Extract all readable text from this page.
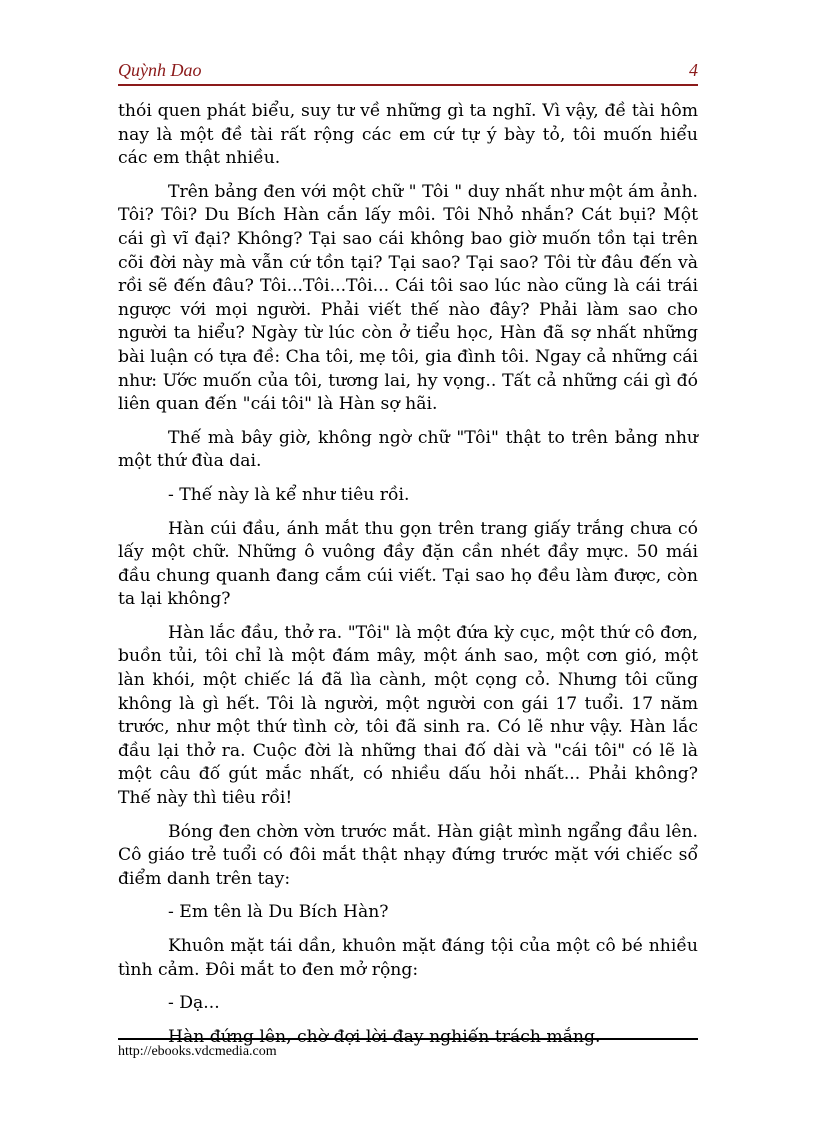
Quỳnh Dao	4

thói quen phát biểu, suy tư về những gì ta nghĩ. Vì vậy, đề tài hôm nay là một đề tài rất rộng các em cứ tự ý bày tỏ, tôi muốn hiểu các em thật nhiều.

Trên bảng đen với một chữ " Tôi " duy nhất như một ám ảnh. Tôi? Tôi? Du Bích Hàn cắn lấy môi. Tôi Nhỏ nhắn? Cát bụi? Một cái gì vĩ đại? Không? Tại sao cái không bao giờ muốn tồn tại trên cõi đời này mà vẫn cứ tồn tại? Tại sao? Tại sao? Tôi từ đâu đến và rồi sẽ đến đâu? Tôi...Tôi...Tôi... Cái tôi sao lúc nào cũng là cái trái ngược với mọi người. Phải viết thế nào đây? Phải làm sao cho người ta hiểu? Ngày từ lúc còn ở tiểu học, Hàn đã sợ nhất những bài luận có tựa đề: Cha tôi, mẹ tôi, gia đình tôi. Ngay cả những cái như: Ước muốn của tôi, tương lai, hy vọng.. Tất cả những cái gì đó liên quan đến "cái tôi" là Hàn sợ hãi.

Thế mà bây giờ, không ngờ chữ "Tôi" thật to trên bảng như một thứ đùa dai.

- Thế này là kể như tiêu rồi.

Hàn cúi đầu, ánh mắt thu gọn trên trang giấy trắng chưa có lấy một chữ. Những ô vuông đầy đặn cần nhét đầy mực. 50 mái đầu chung quanh đang cắm cúi viết. Tại sao họ đều làm được, còn ta lại không?

Hàn lắc đầu, thở ra. "Tôi" là một đứa kỳ cục, một thứ cô đơn, buồn tủi, tôi chỉ là một đám mây, một ánh sao, một cơn gió, một làn khói, một chiếc lá đã lìa cành, một cọng cỏ. Nhưng tôi cũng không là gì hết. Tôi là người, một người con gái 17 tuổi. 17 năm trước, như một thứ tình cờ, tôi đã sinh ra. Có lẽ như vậy. Hàn lắc đầu lại thở ra. Cuộc đời là những thai đố dài và "cái tôi" có lẽ là một câu đố gút mắc nhất, có nhiều dấu hỏi nhất... Phải không? Thế này thì tiêu rồi!

Bóng đen chờn vờn trước mắt. Hàn giật mình ngẩng đầu lên. Cô giáo trẻ tuổi có đôi mắt thật nhạy đứng trước mặt với chiếc sổ điểm danh trên tay:

- Em tên là Du Bích Hàn?

Khuôn mặt tái dần, khuôn mặt đáng tội của một cô bé nhiều tình cảm. Đôi mắt to đen mở rộng:

- Dạ...

Hàn đứng lên, chờ đợi lời đay nghiến trách mắng.

http://ebooks.vdcmedia.com
